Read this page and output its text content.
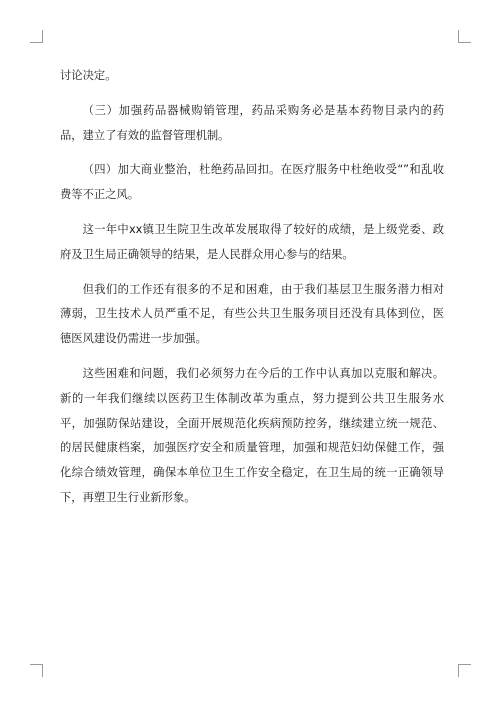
讨论决定。

（三）加强药品器械购销管理，药品采购务必是基本药物目录内的药品，建立了有效的监督管理机制。

（四）加大商业整治，杜绝药品回扣。在医疗服务中杜绝收受“”和乱收费等不正之风。

这一年中xx镇卫生院卫生改革发展取得了较好的成绩，是上级党委、政府及卫生局正确领导的结果，是人民群众用心参与的结果。

但我们的工作还有很多的不足和困难，由于我们基层卫生服务潜力相对薄弱，卫生技术人员严重不足，有些公共卫生服务项目还没有具体到位，医德医风建设仍需进一步加强。

这些困难和问题，我们必须努力在今后的工作中认真加以克服和解决。新的一年我们继续以医药卫生体制改革为重点，努力提到公共卫生服务水平，加强防保站建设，全面开展规范化疾病预防控务，继续建立统一规范、的居民健康档案，加强医疗安全和质量管理，加强和规范妇幼保健工作，强化综合绩效管理，确保本单位卫生工作安全稳定，在卫生局的统一正确领导下，再塑卫生行业新形象。
